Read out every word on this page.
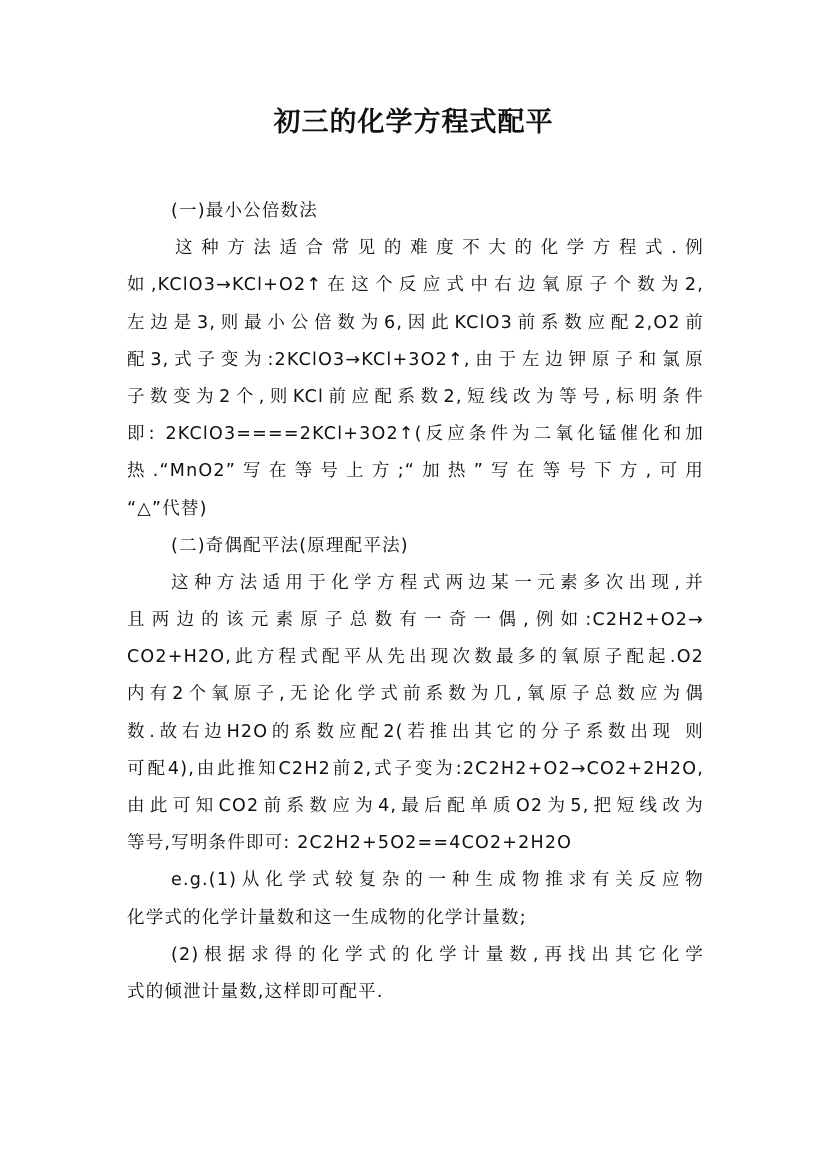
初三的化学方程式配平
(一)最小公倍数法
这种方法适合常见的难度不大的化学方程式.例
如,KClO3→KCl+O2↑在这个反应式中右边氧原子个数为2,
左边是3,则最小公倍数为6,因此KClO3前系数应配2,O2前
配3,式子变为:2KClO3→KCl+3O2↑,由于左边钾原子和氯原
子数变为2个,则KCl前应配系数2,短线改为等号,标明条件
即: 2KClO3====2KCl+3O2↑(反应条件为二氧化锰催化和加
热.“MnO2”写在等号上方;“加热”写在等号下方,可用
“△”代替)
(二)奇偶配平法(原理配平法)
这种方法适用于化学方程式两边某一元素多次出现,并
且两边的该元素原子总数有一奇一偶,例如:C2H2+O2→
CO2+H2O,此方程式配平从先出现次数最多的氧原子配起.O2
内有2个氧原子,无论化学式前系数为几,氧原子总数应为偶
数.故右边H2O的系数应配2(若推出其它的分子系数出现 则
可配4),由此推知C2H2前2,式子变为:2C2H2+O2→CO2+2H2O,
由此可知CO2前系数应为4,最后配单质O2为5,把短线改为
等号,写明条件即可: 2C2H2+5O2==4CO2+2H2O
e.g.(1)从化学式较复杂的一种生成物推求有关反应物
化学式的化学计量数和这一生成物的化学计量数;
(2)根据求得的化学式的化学计量数,再找出其它化学
式的倾泄计量数,这样即可配平.
